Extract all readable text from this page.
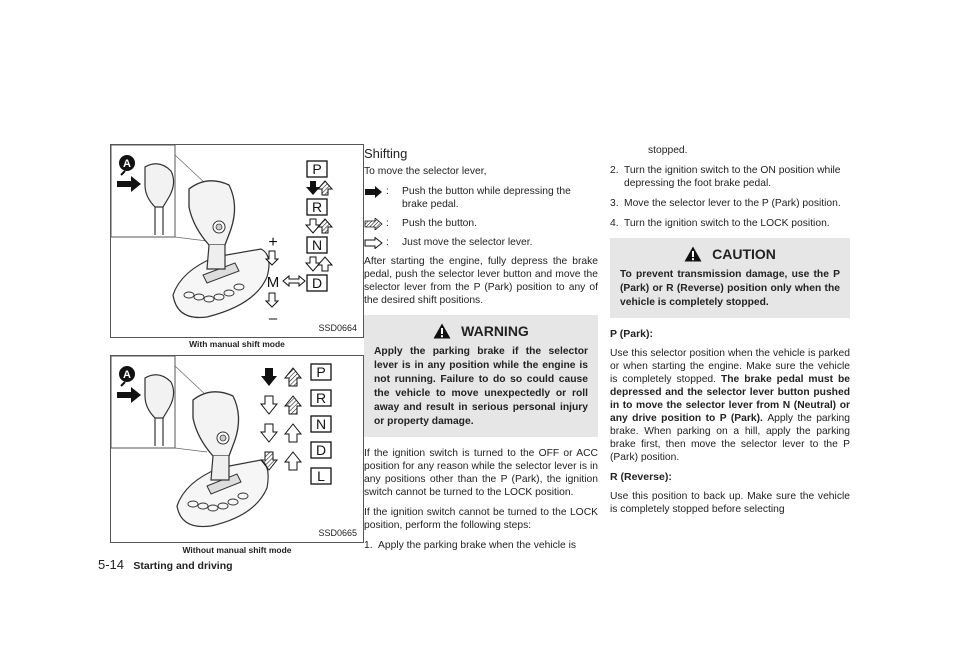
A	P
R
N
D
+
M
–
SSD0664
With manual shift mode
A	P
R
N
D
L
SSD0665
Without manual shift mode
5-14 Starting and driving
Shifting

To move the selector lever,

:	Push the button while depressing the brake pedal.
:	Push the button.
:	Just move the selector lever.

After starting the engine, fully depress the brake pedal, push the selector lever button and move the selector lever from the P (Park) position to any of the desired shift positions.

WARNING
Apply the parking brake if the selector lever is in any position while the engine is not running. Failure to do so could cause the vehicle to move unexpectedly or roll away and result in serious personal injury or property damage.

If the ignition switch is turned to the OFF or ACC position for any reason while the selector lever is in any positions other than the P (Park), the ignition switch cannot be turned to the LOCK position.

If the ignition switch cannot be turned to the LOCK position, perform the following steps:

1. Apply the parking brake when the vehicle is
stopped.
2. Turn the ignition switch to the ON position while depressing the foot brake pedal.
3. Move the selector lever to the P (Park) position.
4. Turn the ignition switch to the LOCK position.
CAUTION
To prevent transmission damage, use the P (Park) or R (Reverse) position only when the vehicle is completely stopped.
P (Park):

Use this selector position when the vehicle is parked or when starting the engine. Make sure the vehicle is completely stopped. The brake pedal must be depressed and the selector lever button pushed in to move the selector lever from N (Neutral) or any drive position to P (Park). Apply the parking brake. When parking on a hill, apply the parking brake first, then move the selector lever to the P (Park) position.

R (Reverse):

Use this position to back up. Make sure the vehicle is completely stopped before selecting
